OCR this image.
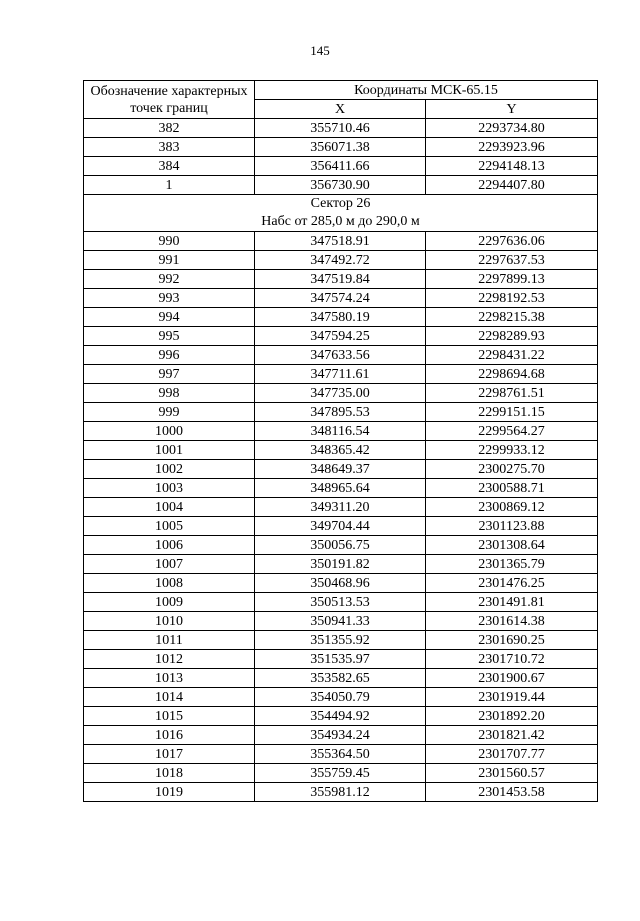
145
Обозначение характерных
точек границ	Координаты МСК-65.15	
	X	Y
382	355710.46	2293734.80
383	356071.38	2293923.96
384	356411.66	2294148.13
1	356730.90	2294407.80

Сектор 26
Набс от 285,0 м до 290,0 м		

990	347518.91	2297636.06
991	347492.72	2297637.53
992	347519.84	2297899.13
993	347574.24	2298192.53
994	347580.19	2298215.38
995	347594.25	2298289.93
996	347633.56	2298431.22
997	347711.61	2298694.68
998	347735.00	2298761.51
999	347895.53	2299151.15
1000	348116.54	2299564.27
1001	348365.42	2299933.12
1002	348649.37	2300275.70
1003	348965.64	2300588.71
1004	349311.20	2300869.12
1005	349704.44	2301123.88
1006	350056.75	2301308.64
1007	350191.82	2301365.79
1008	350468.96	2301476.25
1009	350513.53	2301491.81
1010	350941.33	2301614.38
1011	351355.92	2301690.25
1012	351535.97	2301710.72
1013	353582.65	2301900.67
1014	354050.79	2301919.44
1015	354494.92	2301892.20
1016	354934.24	2301821.42
1017	355364.50	2301707.77
1018	355759.45	2301560.57
1019	355981.12	2301453.58
